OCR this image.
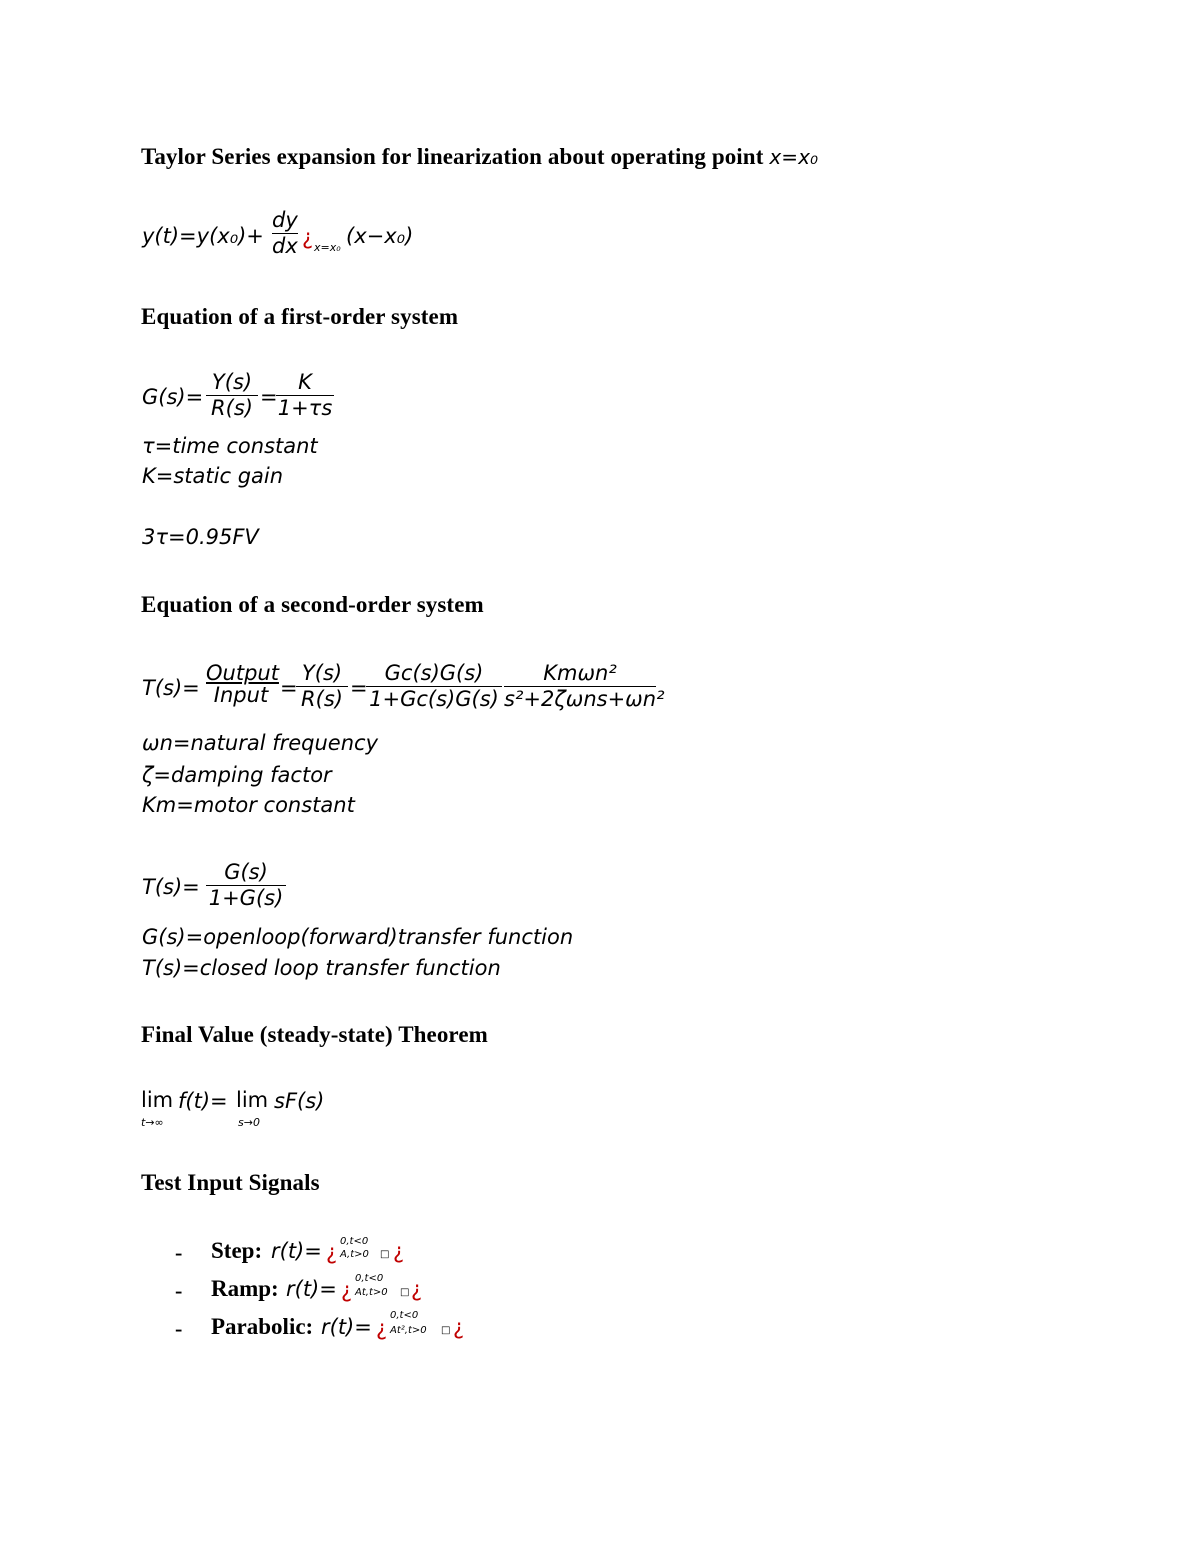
Taylor Series expansion for linearization about operating point x=x₀
y(t)=y(x₀)+
dy
dx ¿ x=x₀ (x−x₀)
Equation of a first-order system
G(s)=
Y(s)
R(s) =
K
1+τs
τ=time constant
K=static gain
3τ=0.95FV
Equation of a second-order system
T(s)=
Output
Input =
Y(s)
R(s) =
Gc(s)G(s)
1+Gc(s)G(s)
Kmωn²
s²+2ζωns+ωn²
ωn=natural frequency
ζ=damping factor
Km=motor constant
T(s)=
G(s)
1+G(s)
G(s)=openloop(forward)transfer function
T(s)=closed loop transfer function
Final Value (steady-state) Theorem
lim f(t)= lim sF(s)
t→∞	s→0
Test Input Signals
- Step: r(t)= ¿ 0,t<0
A,t>0 □ ¿
- Ramp: r(t)= ¿ 0,t<0
At,t>0 □ ¿
- Parabolic: r(t)= ¿
0,t<0
At²,t>0 □ ¿
